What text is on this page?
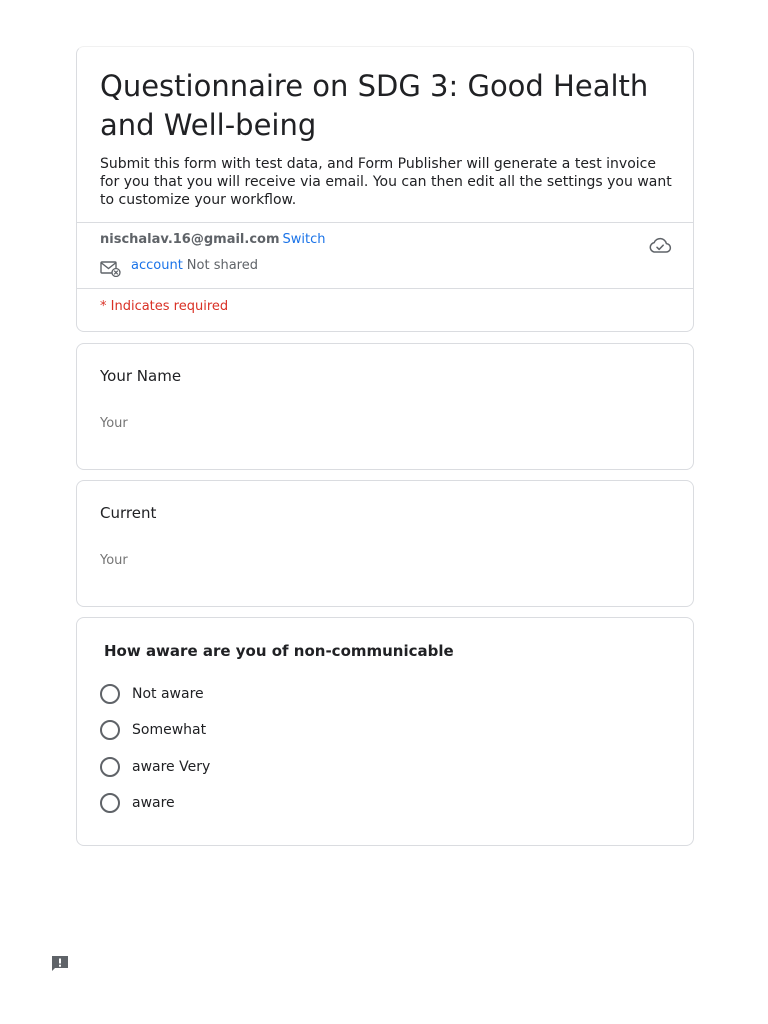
Questionnaire on SDG 3: Good Health and Well-being

Submit this form with test data, and Form Publisher will generate a test invoice for you that you will receive via email. You can then edit all the settings you want to customize your workflow.

nischalav.16@gmail.com Switch
account Not shared
* Indicates required
Your Name
Your
Current
Your
How aware are you of non-communicable
Not aware
Somewhat
aware Very
aware
